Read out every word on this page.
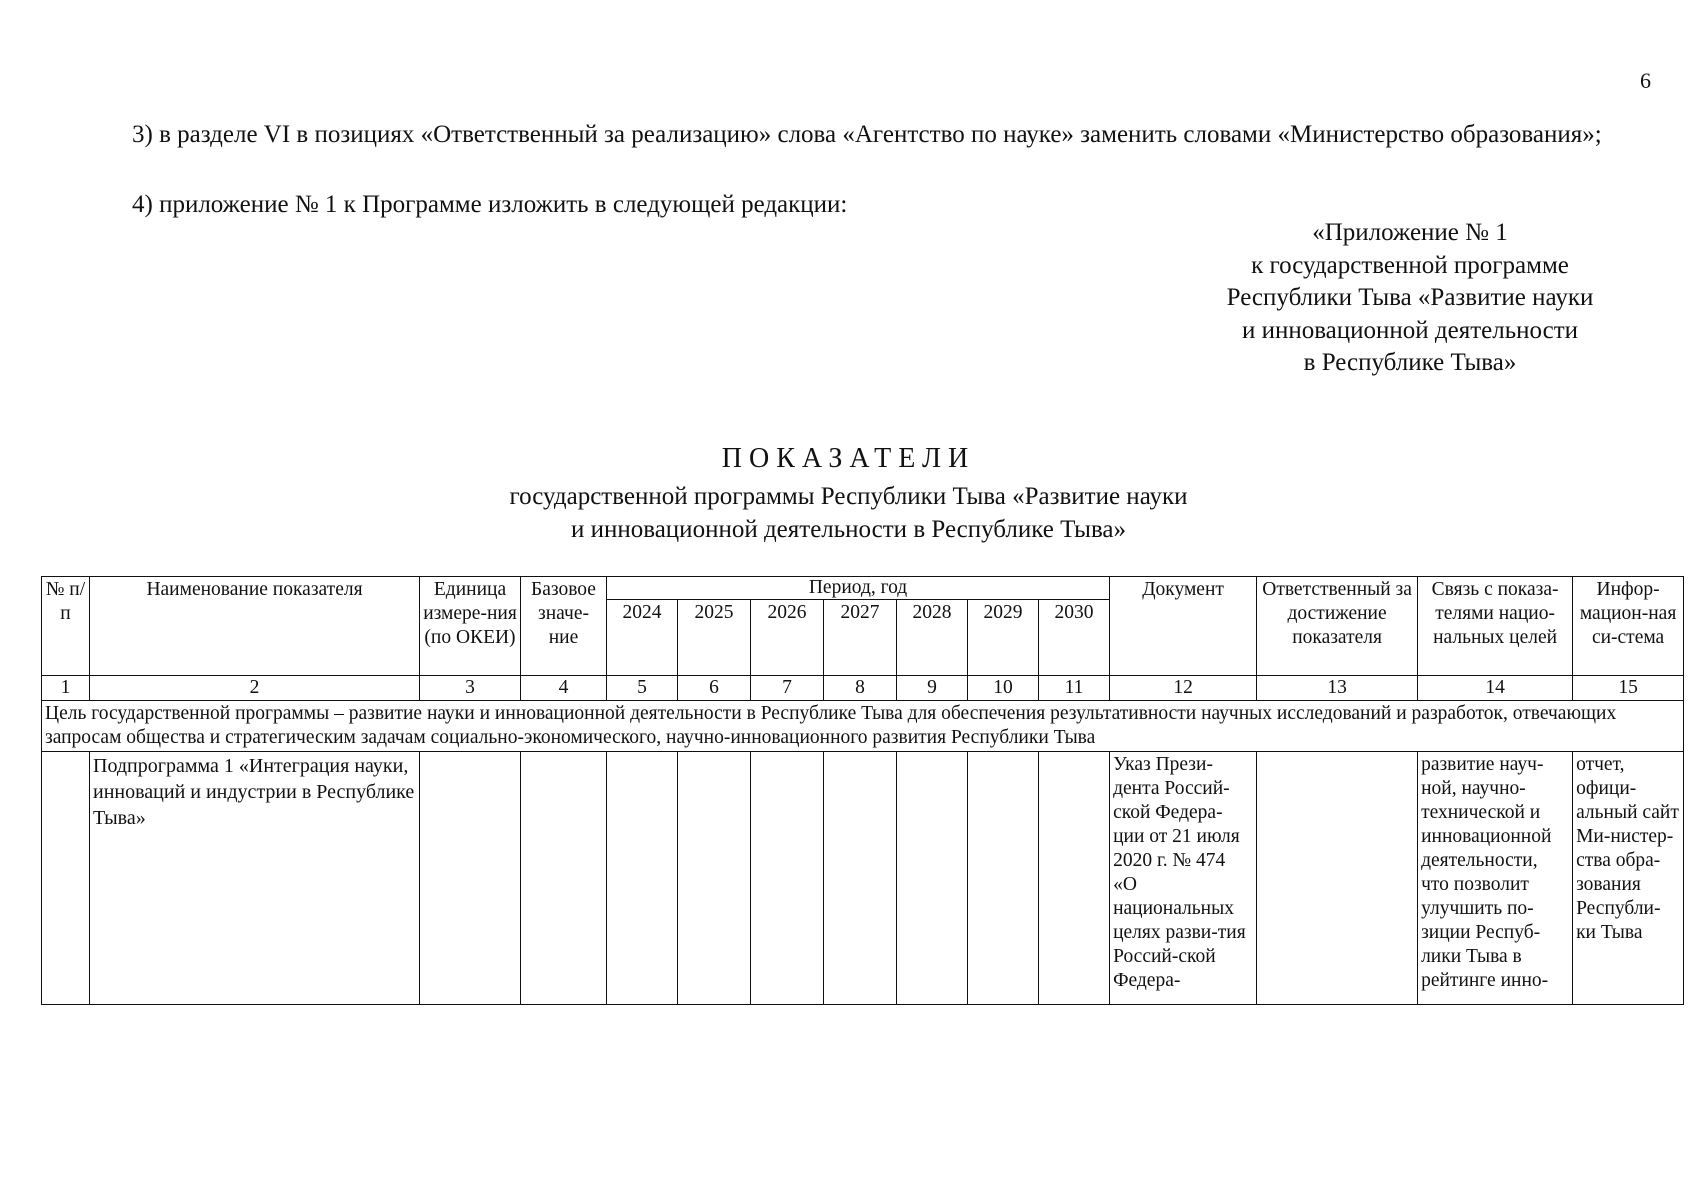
6
3) в разделе VI в позициях «Ответственный за реализацию» слова «Агентство по науке» заменить словами «Министерство образования»;
4) приложение № 1 к Программе изложить в следующей редакции:
«Приложение № 1
к государственной программе
Республики Тыва «Развитие науки
и инновационной деятельности
в Республике Тыва»
ПОКАЗАТЕЛИ
государственной программы Республики Тыва «Развитие науки
и инновационной деятельности в Республике Тыва»
№ п/п	Наименование показателя	Единица измере-ния (по ОКЕИ)	Базовое значе-ние	Период, год							Документ	Ответственный за достижение показателя	Связь с показа-телями нацио-нальных целей	Инфор-мацион-ная си-стема
				2024	2025	2026	2027	2028	2029	2030				
1	2	3	4	5	6	7	8	9	10	11	12	13	14	15
Цель государственной программы – развитие науки и инновационной деятельности в Республике Тыва для обеспечения результативности научных исследований и разработок, отвечающих запросам общества и стратегическим задачам социально-экономического, научно-инновационного развития Республики Тыва														
	Подпрограмма 1 «Интеграция науки, инноваций и индустрии в Республике Тыва»										Указ Прези-дента Россий-ской Федера-ции от 21 июля 2020 г. № 474 «О национальных целях разви-тия Россий-ской Федера-		развитие науч-ной, научно-технической и инновационной деятельности, что позволит улучшить по-зиции Респуб-лики Тыва в рейтинге инно-	отчет, офици-альный сайт Ми-нистер-ства обра-зования Республи-ки Тыва
